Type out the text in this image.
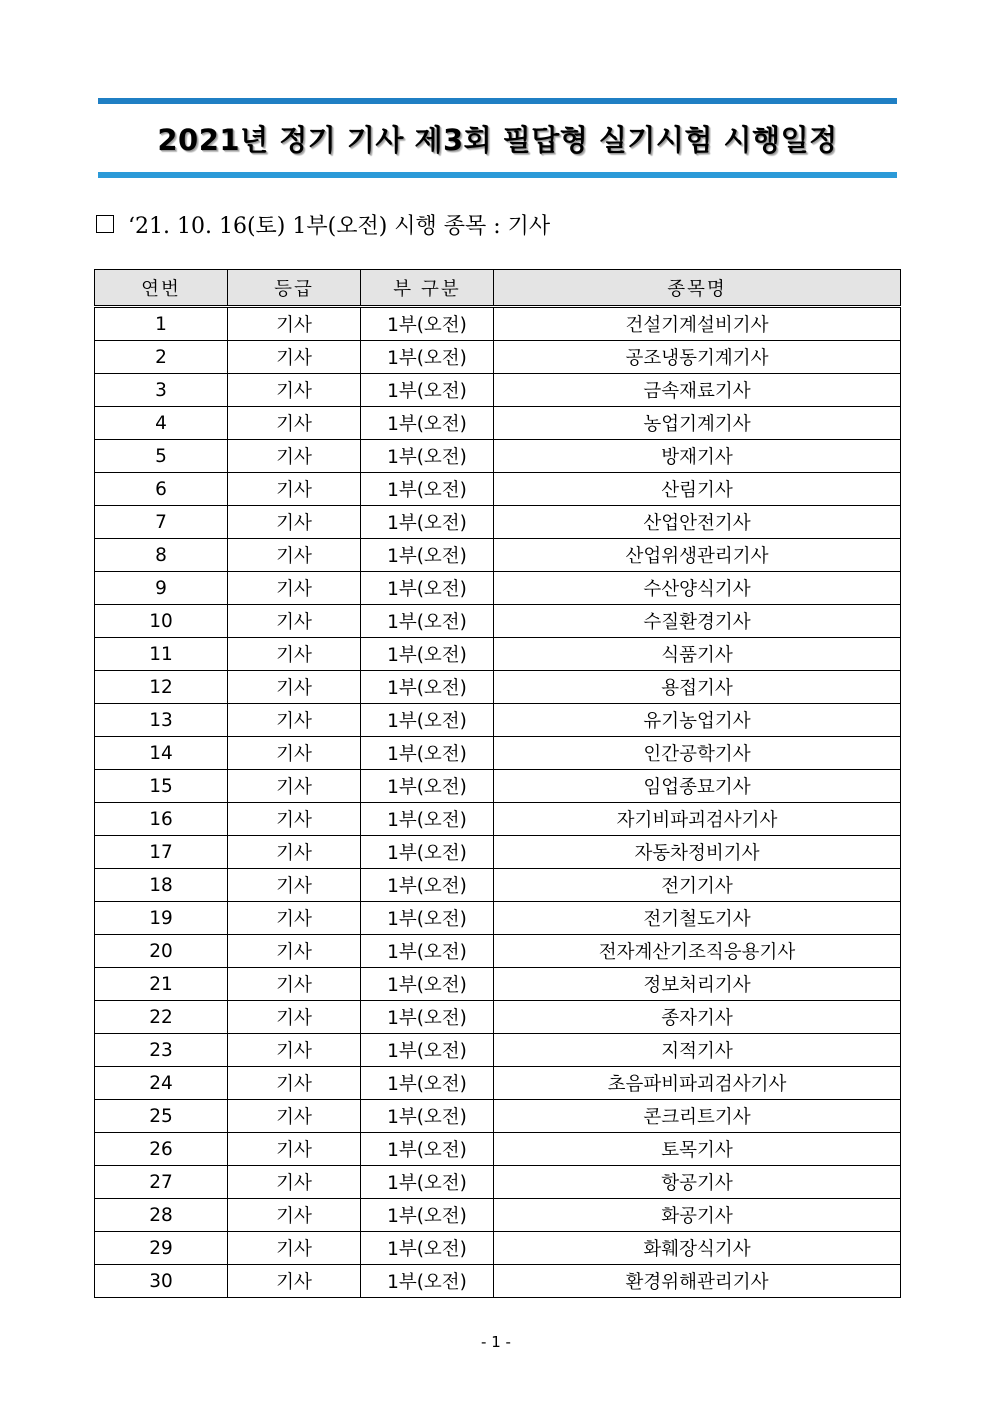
2021년 정기 기사 제3회 필답형 실기시험 시행일정
‘21. 10. 16(토) 1부(오전) 시행 종목 : 기사
연번	등급	부 구분	종목명
1	기사	1부(오전)	건설기계설비기사
2	기사	1부(오전)	공조냉동기계기사
3	기사	1부(오전)	금속재료기사
4	기사	1부(오전)	농업기계기사
5	기사	1부(오전)	방재기사
6	기사	1부(오전)	산림기사
7	기사	1부(오전)	산업안전기사
8	기사	1부(오전)	산업위생관리기사
9	기사	1부(오전)	수산양식기사
10	기사	1부(오전)	수질환경기사
11	기사	1부(오전)	식품기사
12	기사	1부(오전)	용접기사
13	기사	1부(오전)	유기농업기사
14	기사	1부(오전)	인간공학기사
15	기사	1부(오전)	임업종묘기사
16	기사	1부(오전)	자기비파괴검사기사
17	기사	1부(오전)	자동차정비기사
18	기사	1부(오전)	전기기사
19	기사	1부(오전)	전기철도기사
20	기사	1부(오전)	전자계산기조직응용기사
21	기사	1부(오전)	정보처리기사
22	기사	1부(오전)	종자기사
23	기사	1부(오전)	지적기사
24	기사	1부(오전)	초음파비파괴검사기사
25	기사	1부(오전)	콘크리트기사
26	기사	1부(오전)	토목기사
27	기사	1부(오전)	항공기사
28	기사	1부(오전)	화공기사
29	기사	1부(오전)	화훼장식기사
30	기사	1부(오전)	환경위해관리기사
- 1 -
